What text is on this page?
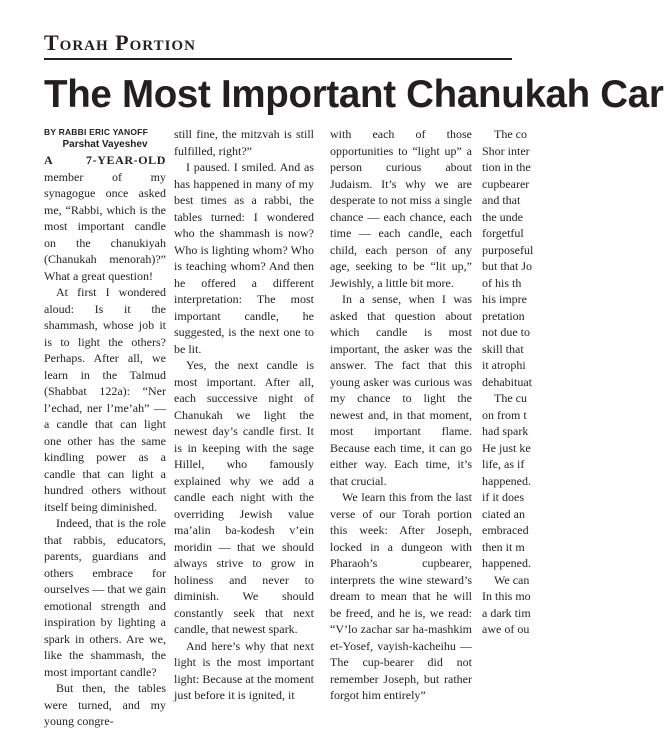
Torah Portion
The Most Important Chanukah Car

BY RABBI ERIC YANOFF

Parshat Vayeshev

A 7-YEAR-OLD member of my synagogue once asked me, “Rabbi, which is the most important candle on the chanukiyah (Chanukah menorah)?” What a great question!

At first I wondered aloud: Is it the shammash, whose job it is to light the others? Perhaps. After all, we learn in the Talmud (Shabbat 122a): “Ner l’echad, ner l’me’ah” — a candle that can light one other has the same kindling power as a candle that can light a hundred others without itself being diminished.

Indeed, that is the role that rabbis, educators, parents, guardians and others embrace for ourselves — that we gain emotional strength and inspiration by lighting a spark in others. Are we, like the shammash, the most important candle?

But then, the tables were turned, and my young congre-

still fine, the mitzvah is still fulfilled, right?”

I paused. I smiled. And as has happened in many of my best times as a rabbi, the tables turned: I wondered who the shammash is now? Who is lighting whom? Who is teaching whom? And then he offered a different interpretation: The most important candle, he suggested, is the next one to be lit.

Yes, the next candle is most important. After all, each successive night of Chanukah we light the newest day’s candle first. It is in keeping with the sage Hillel, who famously explained why we add a candle each night with the overriding Jewish value ma’alin ba-kodesh v’ein moridin — that we should always strive to grow in holiness and never to diminish. We should constantly seek that next candle, that newest spark.

And here’s why that next light is the most important light: Because at the moment just before it is ignited, it

with each of those opportunities to “light up” a person curious about Judaism. It’s why we are desperate to not miss a single chance — each chance, each time — each candle, each child, each person of any age, seeking to be “lit up,” Jewishly, a little bit more.

In a sense, when I was asked that question about which candle is most important, the asker was the answer. The fact that this young asker was curious was my chance to light the newest and, in that moment, most important flame. Because each time, it can go either way. Each time, it’s that crucial.

We learn this from the last verse of our Torah portion this week: After Joseph, locked in a dungeon with Pharaoh’s cupbearer, interprets the wine steward’s dream to mean that he will be freed, and he is, we read: “V’lo zachar sar ha-mashkim et-Yosef, vayish-kacheihu — The cup-bearer did not remember Joseph, but rather forgot him entirely”

The co

Shor inter

tion in the

cupbearer

and that

the unde

forgetful

purposeful

but that Jo

of his th

his impre

pretation

not due to

skill that

it atrophi

dehabituat

The cu

on from t

had spark

He just ke

life, as if

happened.

if it does

ciated an

embraced

then it m

happened.

We can

In this mo

a dark tim

awe of ou
